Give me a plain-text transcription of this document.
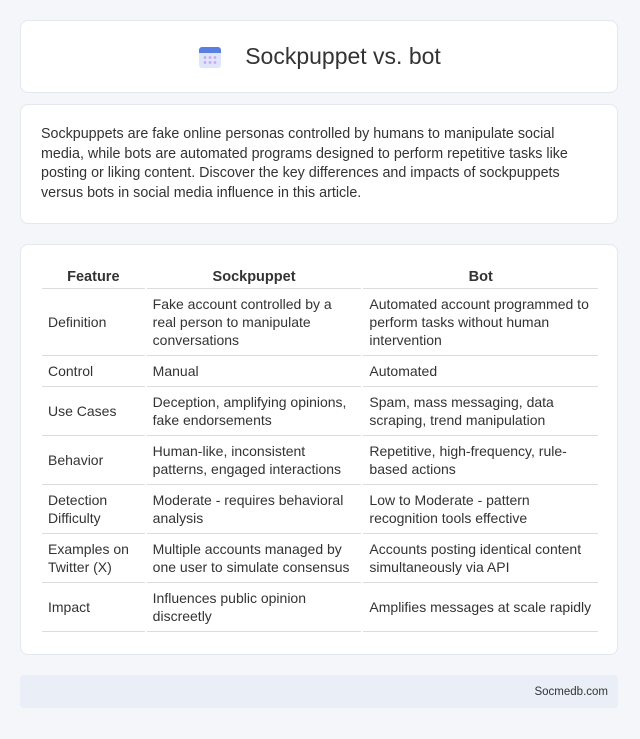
Sockpuppet vs. bot

Sockpuppets are fake online personas controlled by humans to manipulate social media, while bots are automated programs designed to perform repetitive tasks like posting or liking content. Discover the key differences and impacts of sockpuppets versus bots in social media influence in this article.

Feature	Sockpuppet	Bot
Definition	Fake account controlled by a real person to manipulate conversations	Automated account programmed to perform tasks without human intervention
Control	Manual	Automated
Use Cases	Deception, amplifying opinions, fake endorsements	Spam, mass messaging, data scraping, trend manipulation
Behavior	Human-like, inconsistent patterns, engaged interactions	Repetitive, high-frequency, rule-based actions
Detection Difficulty	Moderate - requires behavioral analysis	Low to Moderate - pattern recognition tools effective
Examples on Twitter (X)	Multiple accounts managed by one user to simulate consensus	Accounts posting identical content simultaneously via API
Impact	Influences public opinion discreetly	Amplifies messages at scale rapidly
Socmedb.com
